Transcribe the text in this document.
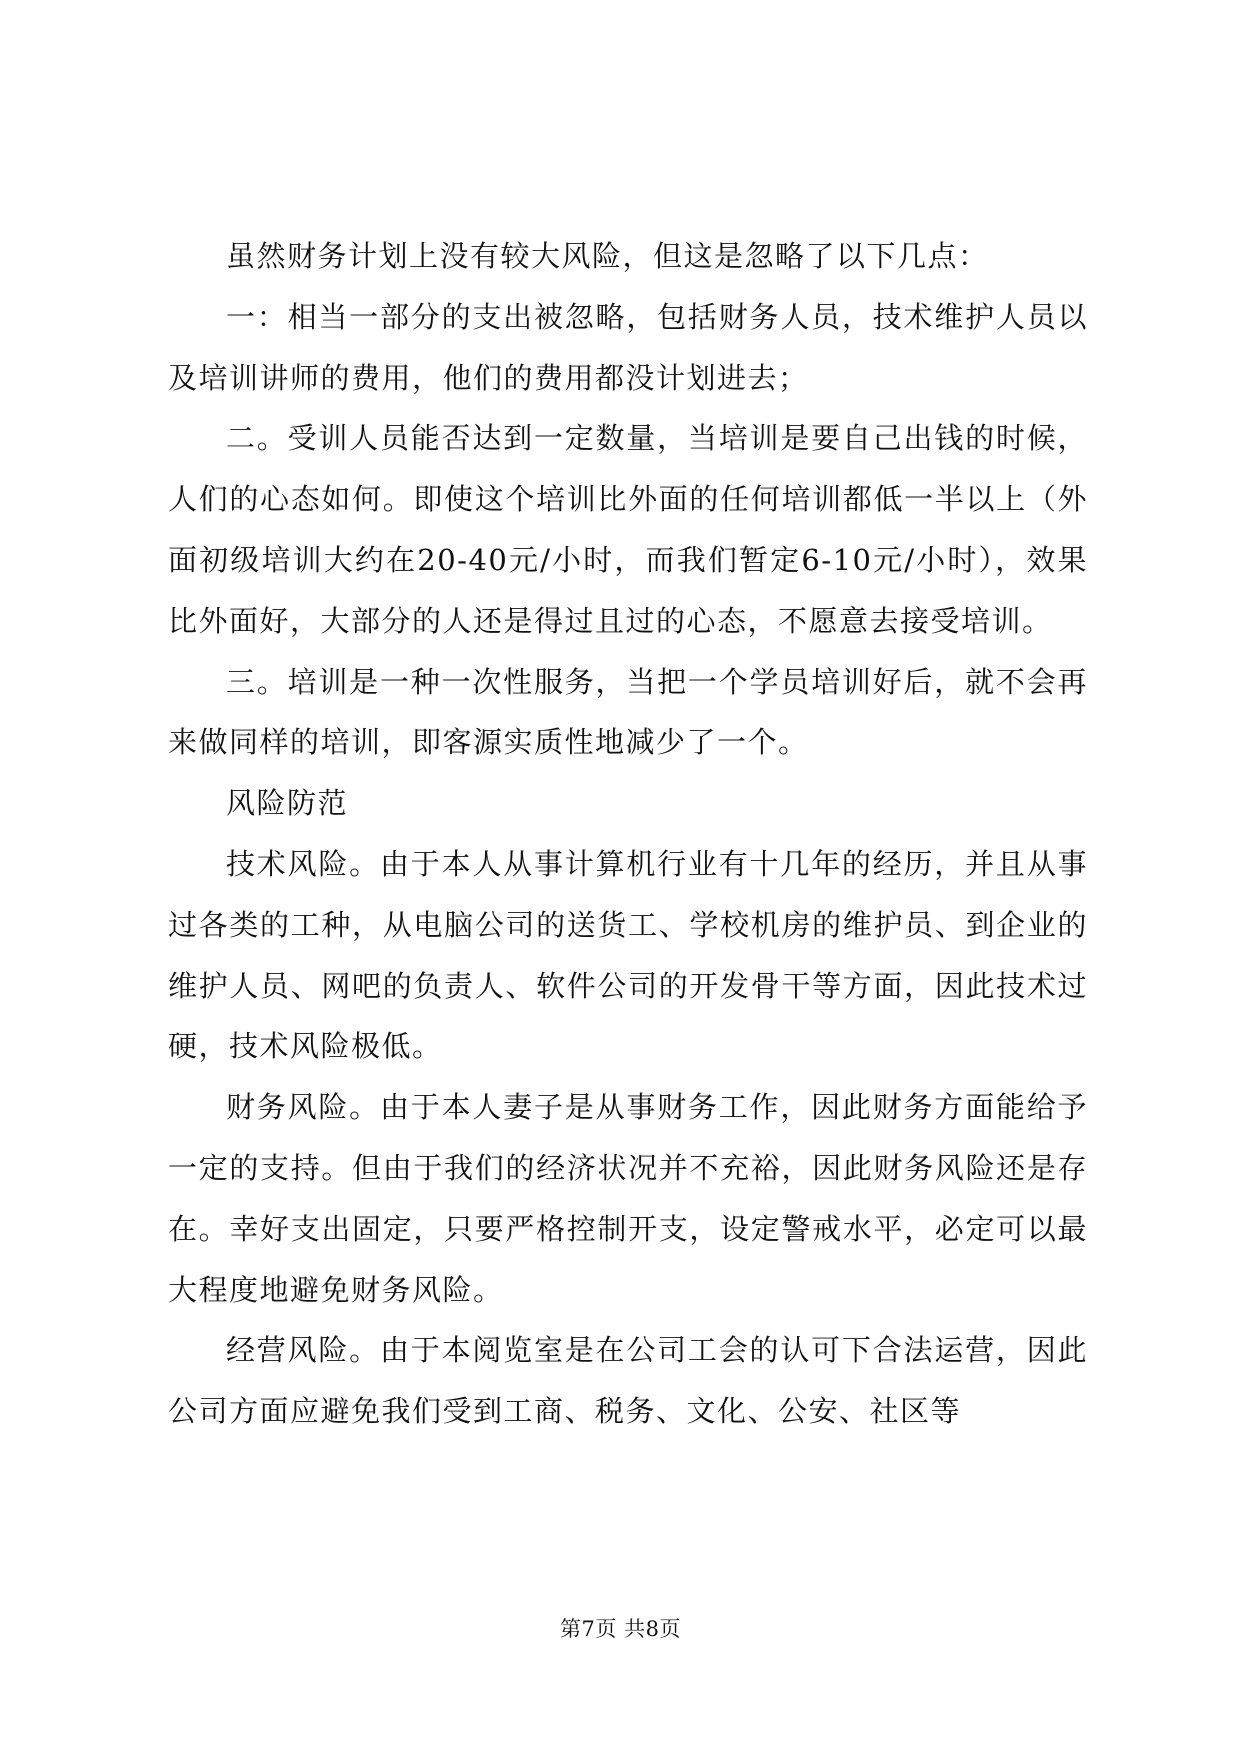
虽然财务计划上没有较大风险，但这是忽略了以下几点：

一：相当一部分的支出被忽略，包括财务人员，技术维护人员以及培训讲师的费用，他们的费用都没计划进去；

二。受训人员能否达到一定数量，当培训是要自己出钱的时候，人们的心态如何。即使这个培训比外面的任何培训都低一半以上（外面初级培训大约在20-40元/小时，而我们暂定6-10元/小时），效果比外面好，大部分的人还是得过且过的心态，不愿意去接受培训。

三。培训是一种一次性服务，当把一个学员培训好后，就不会再来做同样的培训，即客源实质性地减少了一个。

风险防范

技术风险。由于本人从事计算机行业有十几年的经历，并且从事过各类的工种，从电脑公司的送货工、学校机房的维护员、到企业的维护人员、网吧的负责人、软件公司的开发骨干等方面，因此技术过硬，技术风险极低。

财务风险。由于本人妻子是从事财务工作，因此财务方面能给予一定的支持。但由于我们的经济状况并不充裕，因此财务风险还是存在。幸好支出固定，只要严格控制开支，设定警戒水平，必定可以最大程度地避免财务风险。

经营风险。由于本阅览室是在公司工会的认可下合法运营，因此公司方面应避免我们受到工商、税务、文化、公安、社区等

第7页 共8页
